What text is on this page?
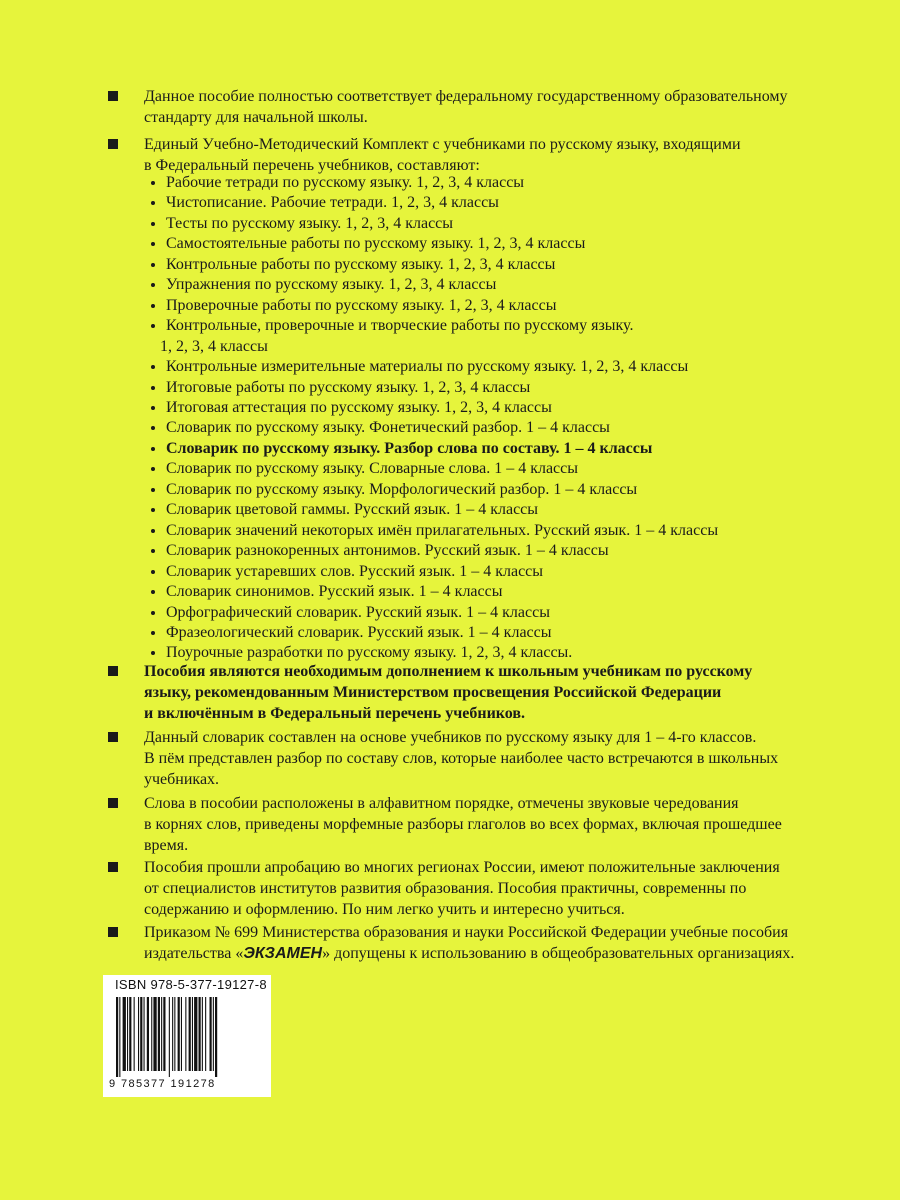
Данное пособие полностью соответствует федеральному государственному образовательному
стандарту для начальной школы.
Единый Учебно-Методический Комплект с учебниками по русскому языку, входящими
в Федеральный перечень учебников, составляют:
Рабочие тетради по русскому языку. 1, 2, 3, 4 классы
Чистописание. Рабочие тетради. 1, 2, 3, 4 классы
Тесты по русскому языку. 1, 2, 3, 4 классы
Самостоятельные работы по русскому языку. 1, 2, 3, 4 классы
Контрольные работы по русскому языку. 1, 2, 3, 4 классы
Упражнения по русскому языку. 1, 2, 3, 4 классы
Проверочные работы по русскому языку. 1, 2, 3, 4 классы
Контрольные, проверочные и творческие работы по русскому языку.
1, 2, 3, 4 классы
Контрольные измерительные материалы по русскому языку. 1, 2, 3, 4 классы
Итоговые работы по русскому языку. 1, 2, 3, 4 классы
Итоговая аттестация по русскому языку. 1, 2, 3, 4 классы
Словарик по русскому языку. Фонетический разбор. 1 – 4 классы
Словарик по русскому языку. Разбор слова по составу. 1 – 4 классы
Словарик по русскому языку. Словарные слова. 1 – 4 классы
Словарик по русскому языку. Морфологический разбор. 1 – 4 классы
Словарик цветовой гаммы. Русский язык. 1 – 4 классы
Словарик значений некоторых имён прилагательных. Русский язык. 1 – 4 классы
Словарик разнокоренных антонимов. Русский язык. 1 – 4 классы
Словарик устаревших слов. Русский язык. 1 – 4 классы
Словарик синонимов. Русский язык. 1 – 4 классы
Орфографический словарик. Русский язык. 1 – 4 классы
Фразеологический словарик. Русский язык. 1 – 4 классы
Поурочные разработки по русскому языку. 1, 2, 3, 4 классы.
Пособия являются необходимым дополнением к школьным учебникам по русскому
языку, рекомендованным Министерством просвещения Российской Федерации
и включённым в Федеральный перечень учебников.
Данный словарик составлен на основе учебников по русскому языку для 1 – 4-го классов.
В пём представлен разбор по составу слов, которые наиболее часто встречаются в школьных
учебниках.
Слова в пособии расположены в алфавитном порядке, отмечены звуковые чередования
в корнях слов, приведены морфемные разборы глаголов во всех формах, включая прошедшее
время.
Пособия прошли апробацию во многих регионах России, имеют положительные заключения
от специалистов институтов развития образования. Пособия практичны, современны по
содержанию и оформлению. По ним легко учить и интересно учиться.
Приказом № 699 Министерства образования и науки Российской Федерации учебные пособия
издательства «ЭКЗАМЕН» допущены к использованию в общеобразовательных организациях.
ISBN 978-5-377-19127-8
9 785377 191278
